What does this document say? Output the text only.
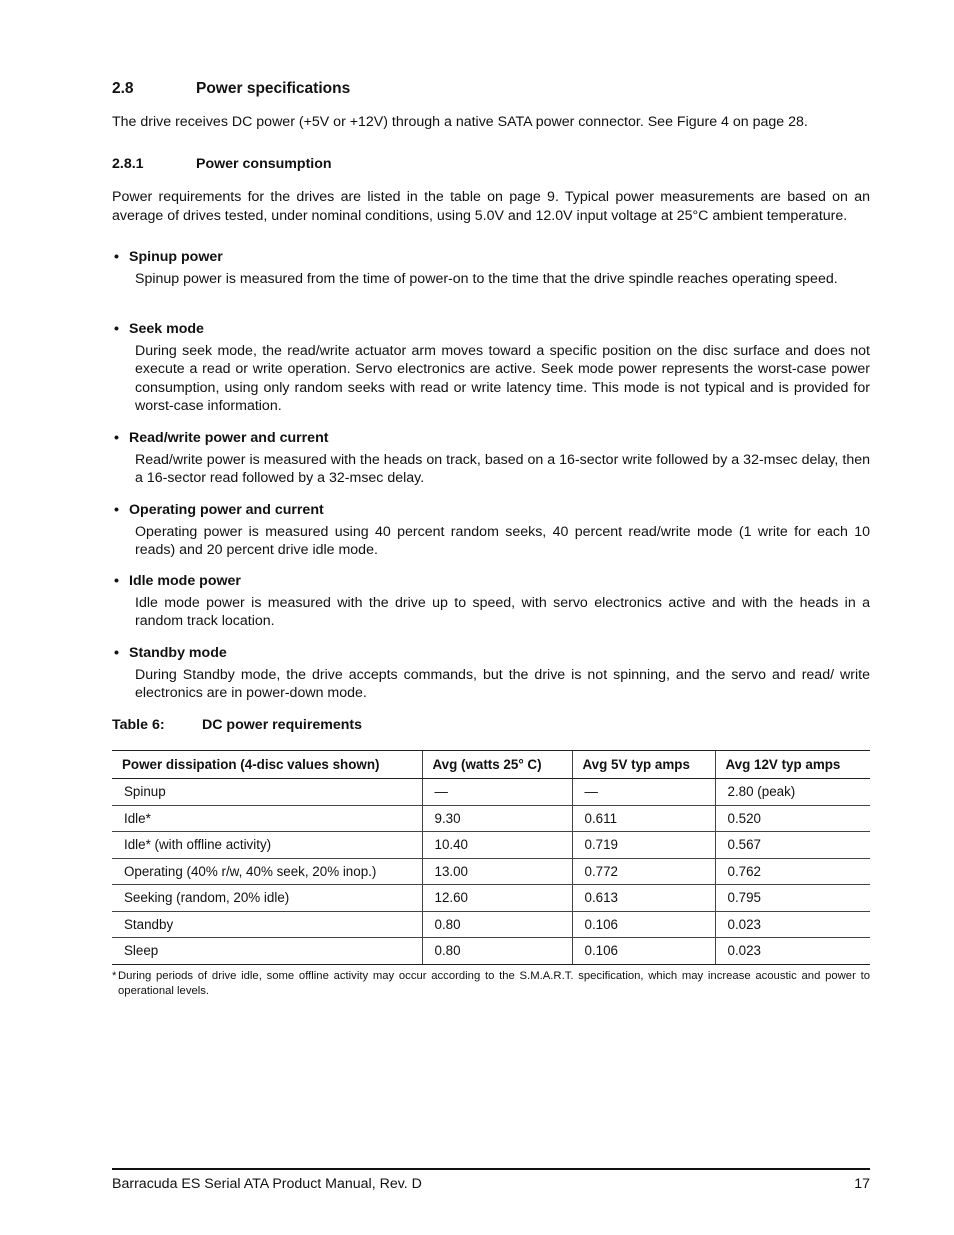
2.8	Power specifications
The drive receives DC power (+5V or +12V) through a native SATA power connector. See Figure 4 on page 28.
2.8.1	Power consumption
Power requirements for the drives are listed in the table on page 9. Typical power measurements are based on an average of drives tested, under nominal conditions, using 5.0V and 12.0V input voltage at 25°C ambient temperature.
• Spinup power
Spinup power is measured from the time of power-on to the time that the drive spindle reaches operating speed.
• Seek mode
During seek mode, the read/write actuator arm moves toward a specific position on the disc surface and does not execute a read or write operation. Servo electronics are active. Seek mode power represents the worst-case power consumption, using only random seeks with read or write latency time. This mode is not typical and is provided for worst-case information.
• Read/write power and current
Read/write power is measured with the heads on track, based on a 16-sector write followed by a 32-msec delay, then a 16-sector read followed by a 32-msec delay.
• Operating power and current
Operating power is measured using 40 percent random seeks, 40 percent read/write mode (1 write for each 10 reads) and 20 percent drive idle mode.
• Idle mode power
Idle mode power is measured with the drive up to speed, with servo electronics active and with the heads in a random track location.
• Standby mode
During Standby mode, the drive accepts commands, but the drive is not spinning, and the servo and read/ write electronics are in power-down mode.
Table 6:	DC power requirements
Power dissipation (4-disc values shown)	Avg (watts 25° C)	Avg 5V typ amps	Avg 12V typ amps
Spinup	—	—	2.80 (peak)
Idle*	9.30	0.611	0.520
Idle* (with offline activity)	10.40	0.719	0.567
Operating (40% r/w, 40% seek, 20% inop.)	13.00	0.772	0.762
Seeking (random, 20% idle)	12.60	0.613	0.795
Standby	0.80	0.106	0.023
Sleep	0.80	0.106	0.023
* During periods of drive idle, some offline activity may occur according to the S.M.A.R.T. specification, which may increase acoustic and power to operational levels.
Barracuda ES Serial ATA Product Manual, Rev. D	17
